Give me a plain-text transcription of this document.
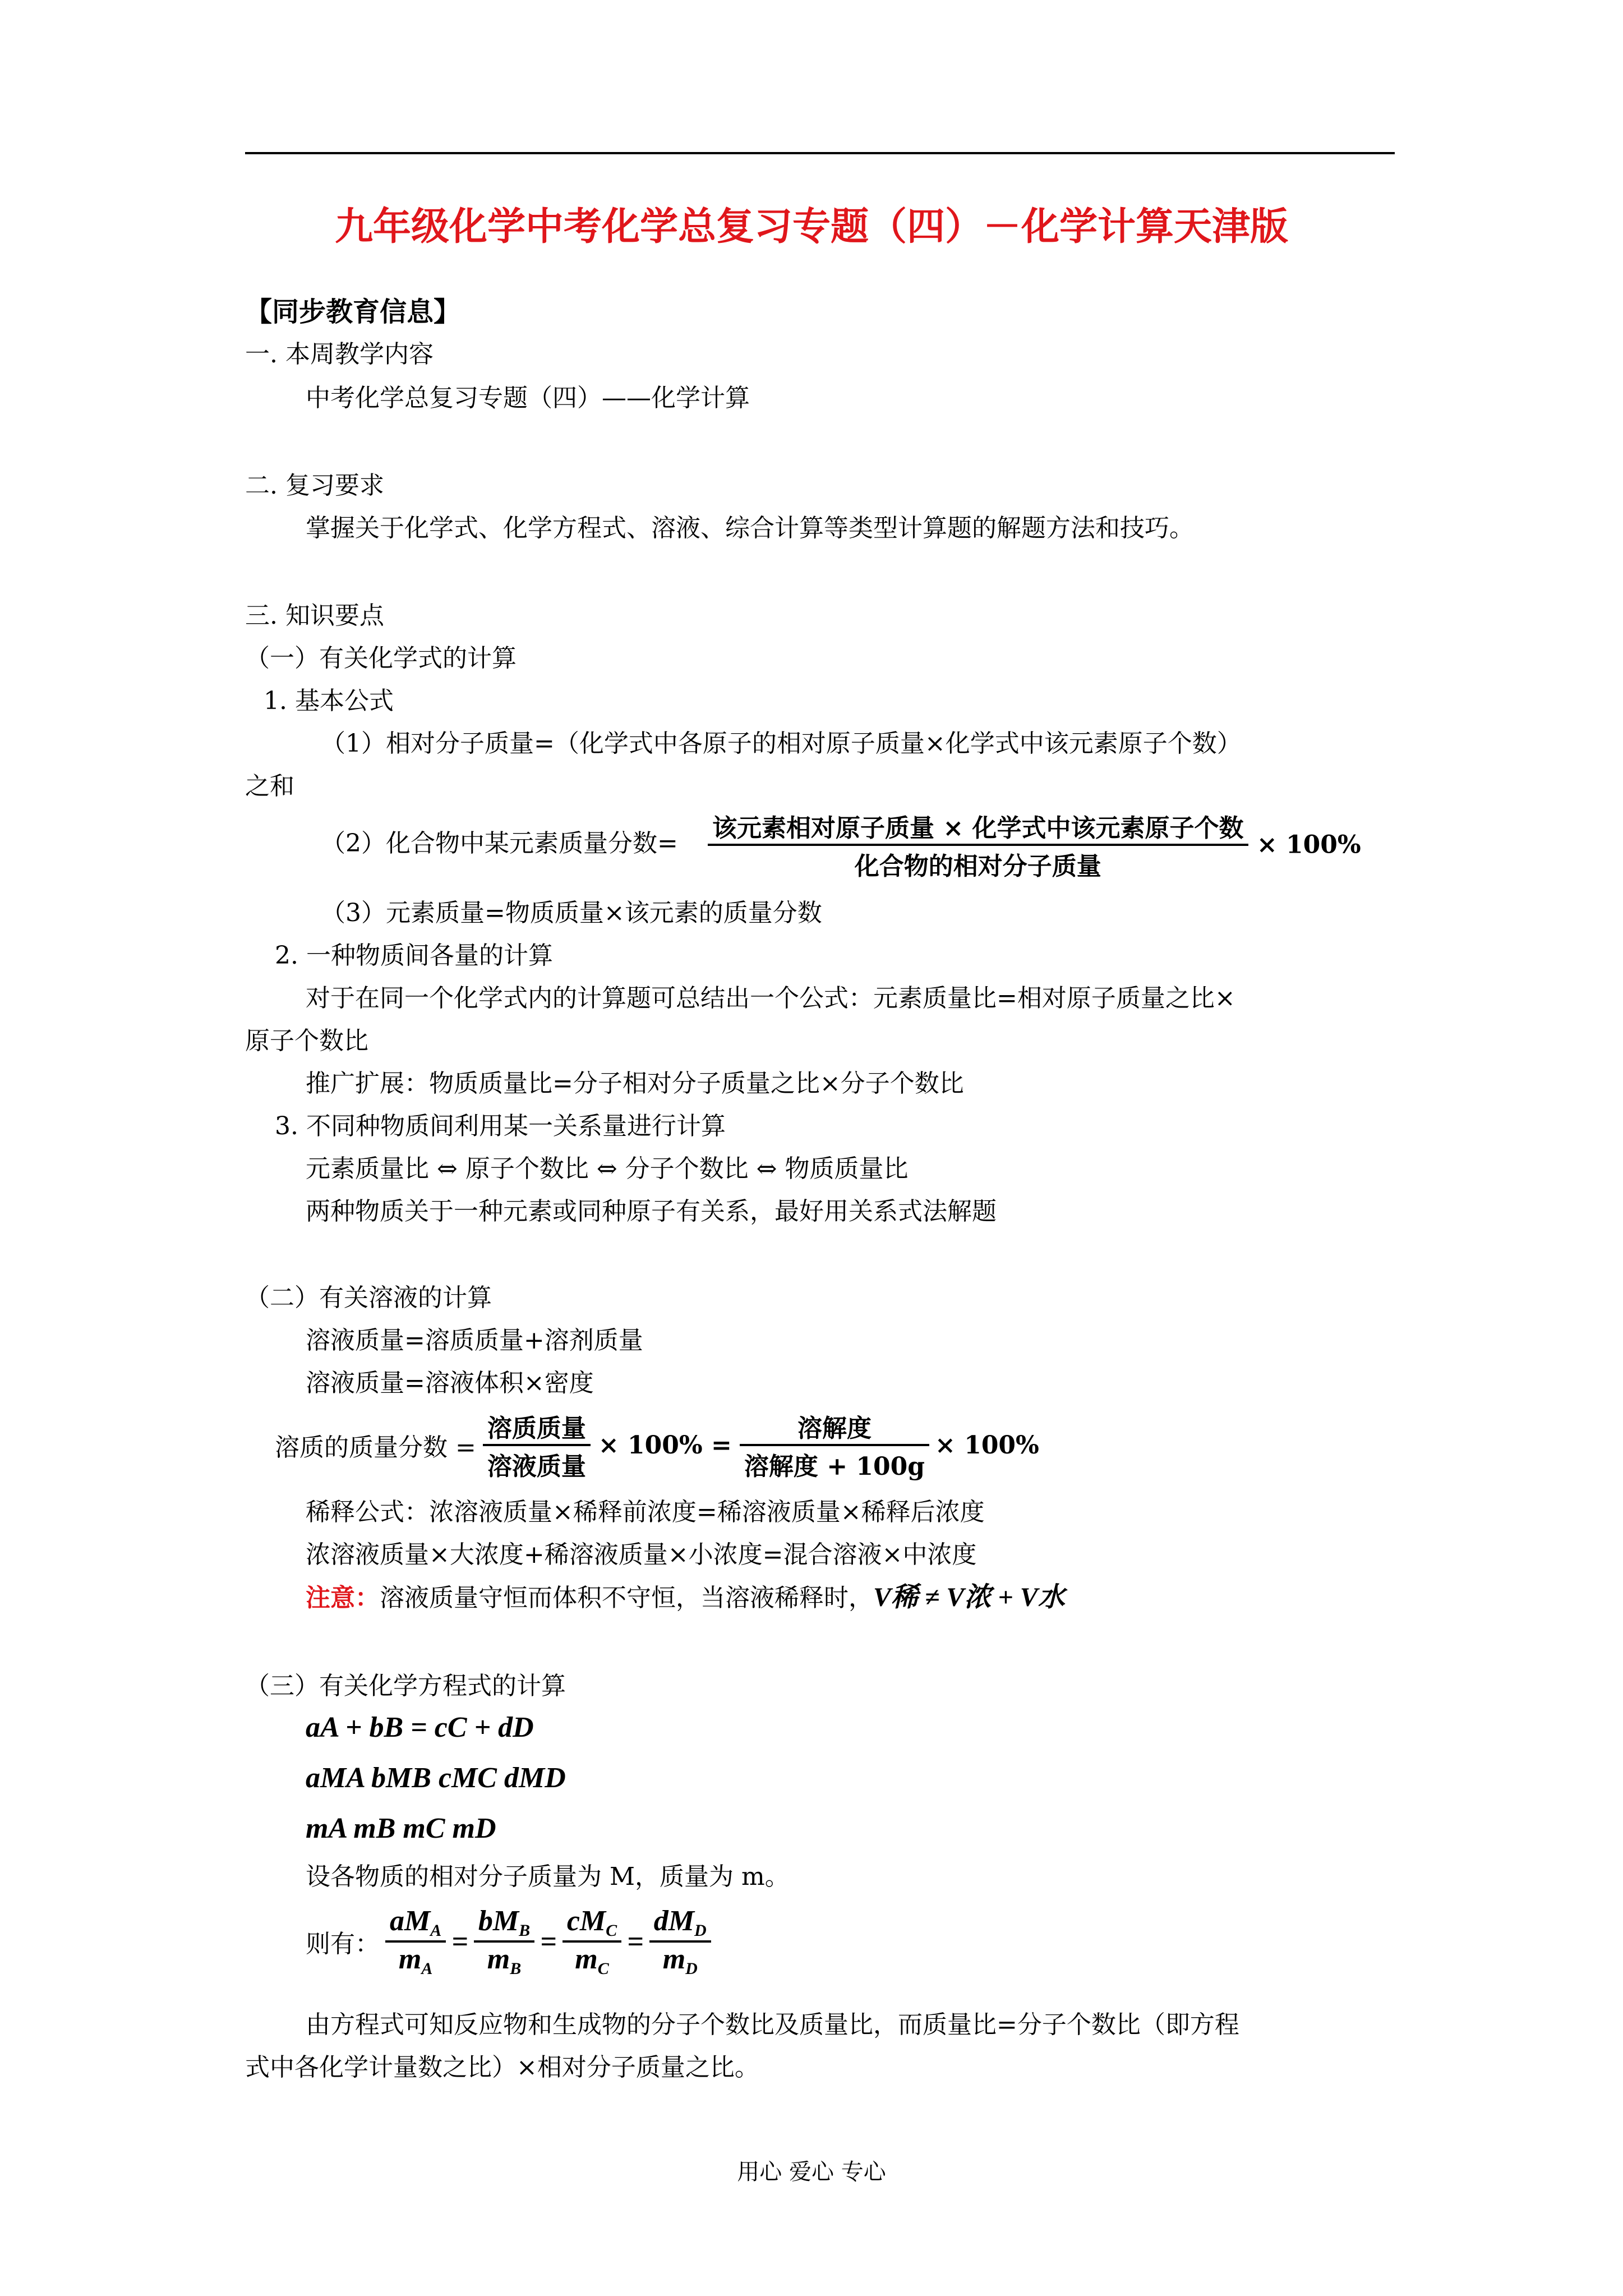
九年级化学中考化学总复习专题（四）－化学计算天津版
【同步教育信息】
一. 本周教学内容
中考化学总复习专题（四）——化学计算
二. 复习要求
掌握关于化学式、化学方程式、溶液、综合计算等类型计算题的解题方法和技巧。
三. 知识要点
（一）有关化学式的计算
1. 基本公式
（1）相对分子质量=（化学式中各原子的相对原子质量×化学式中该元素原子个数）
之和
（2）化合物中某元素质量分数= $\frac{\text{该元素相对原子质量 × 化学式中该元素原子个数}}{\text{化合物的相对分子质量}} \times 100\%$
（3）元素质量=物质质量×该元素的质量分数
2. 一种物质间各量的计算
对于在同一个化学式内的计算题可总结出一个公式：元素质量比=相对原子质量之比×
原子个数比
推广扩展：物质质量比=分子相对分子质量之比×分子个数比
3. 不同种物质间利用某一关系量进行计算
元素质量比 ⇔ 原子个数比 ⇔ 分子个数比 ⇔ 物质质量比
两种物质关于一种元素或同种原子有关系，最好用关系式法解题
（二）有关溶液的计算
溶液质量=溶质质量+溶剂质量
溶液质量=溶液体积×密度
溶质的质量分数 = $\frac{\text{溶质质量}}{\text{溶液质量}} \times 100\% = \frac{\text{溶解度}}{\text{溶解度 + 100g}} \times 100\%$
稀释公式：浓溶液质量×稀释前浓度=稀溶液质量×稀释后浓度
浓溶液质量×大浓度+稀溶液质量×小浓度=混合溶液×中浓度
注意：溶液质量守恒而体积不守恒，当溶液稀释时，V稀 ≠ V浓 + V水
（三）有关化学方程式的计算
aA + bB = cC + dD
aMA bMB cMC dMD
mA mB mC mD
设各物质的相对分子质量为 M，质量为 m。
则有： $\frac{aM_A}{m_A} = \frac{bM_B}{m_B} = \frac{cM_C}{m_C} = \frac{dM_D}{m_D}$
由方程式可知反应物和生成物的分子个数比及质量比，而质量比=分子个数比（即方程
式中各化学计量数之比）×相对分子质量之比。
用心 爱心 专心
